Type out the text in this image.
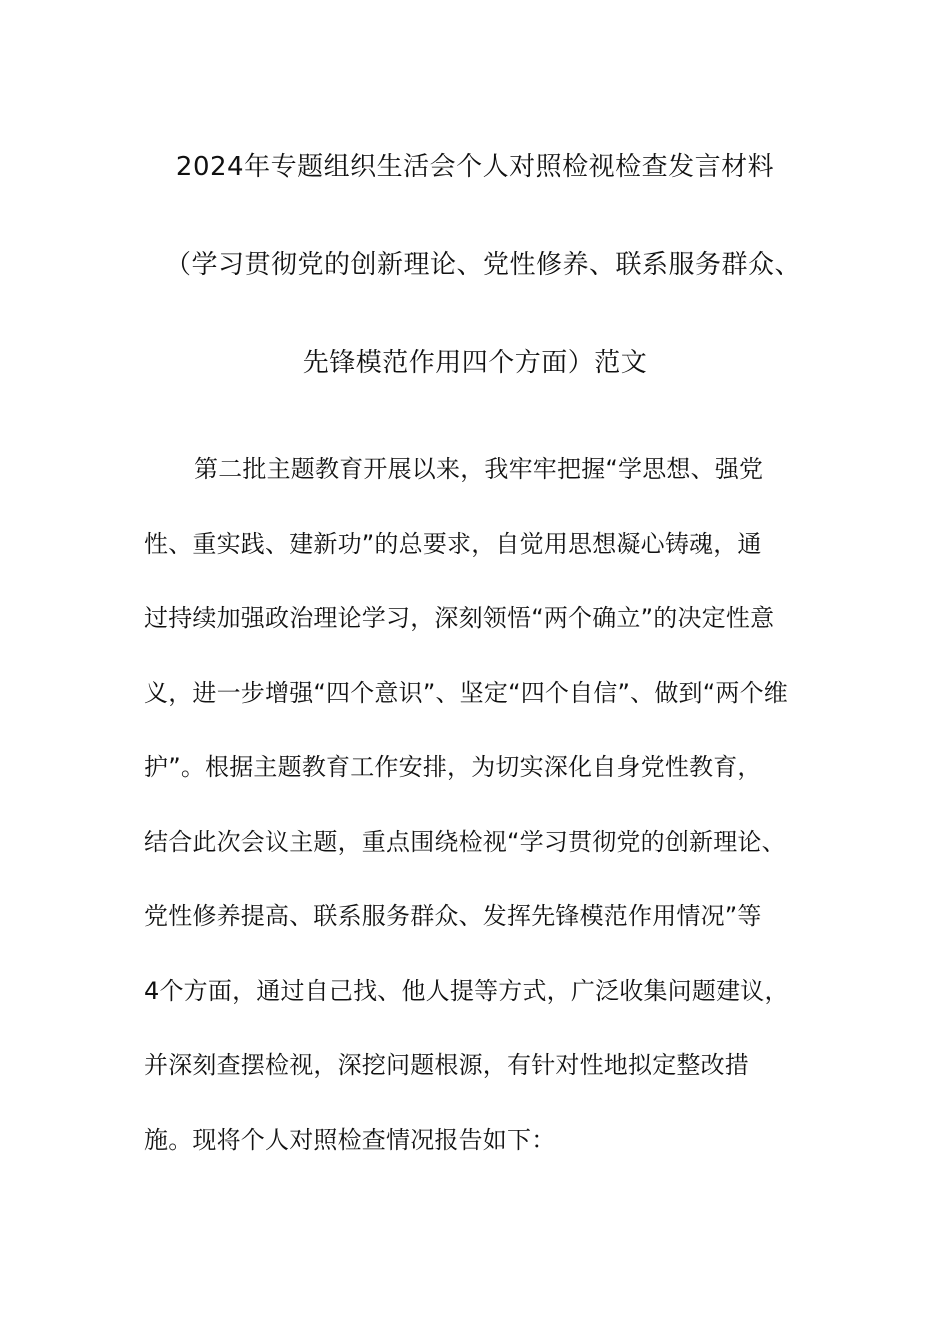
2024年专题组织生活会个人对照检视检查发言材料
（学习贯彻党的创新理论、党性修养、联系服务群众、
先锋模范作用四个方面）范文
第二批主题教育开展以来，我牢牢把握“学思想、强党
性、重实践、建新功”的总要求，自觉用思想凝心铸魂，通
过持续加强政治理论学习，深刻领悟“两个确立”的决定性意
义，进一步增强“四个意识”、坚定“四个自信”、做到“两个维
护”。根据主题教育工作安排，为切实深化自身党性教育，
结合此次会议主题，重点围绕检视“学习贯彻党的创新理论、
党性修养提高、联系服务群众、发挥先锋模范作用情况”等
4个方面，通过自己找、他人提等方式，广泛收集问题建议，
并深刻查摆检视，深挖问题根源，有针对性地拟定整改措
施。现将个人对照检查情况报告如下：
